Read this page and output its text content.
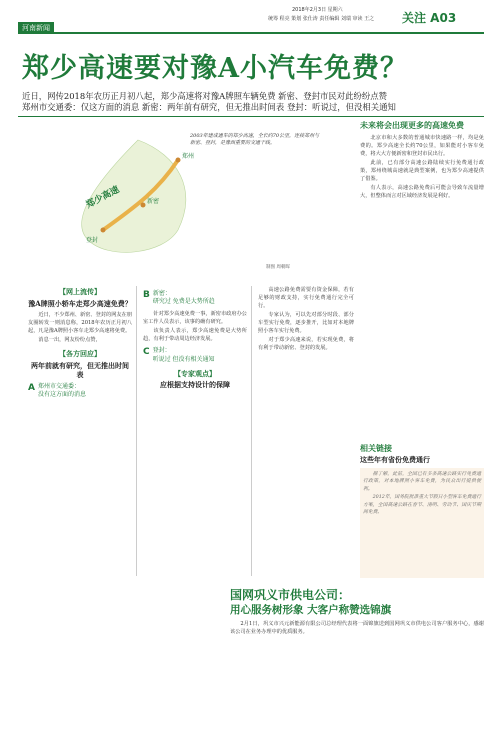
河南新闻
2018年2月3日 星期六
统筹 程亮 策划 张仕涛 责任编辑 刘瑞 审读 王之 关注 A03
郑少高速要对豫A小汽车免费？
近日，网传2018年农历正月初八起，郑少高速将对豫A牌照车辆免费 新密、登封市民对此纷纷点赞
郑州市交通委：仅这方面的消息 新密：两年前有研究，但无推出时间表 登封：听说过，但没相关通知
近日，网传2018年农历正月初八起，郑少高速将对豫A牌照小客车免费，恢复原价。
郑州
新密
登封
郑少高速
2003年建成通车的郑少高速，全长约70公里，连接郑州与新密、登封，是豫西重要的交通干线。
制图 周朝晖
未来将会出现更多的高速免费

北京市和大多数的普通城市快速路一样，均是免费的。郑少高速全长约70公里，如果能对小客车免费，将大大方便新密和登封市民出行。

此前，已有部分高速公路陆续实行免费通行政策，郑州绕城高速就是典型案例，也为郑少高速提供了借鉴。

有人表示，高速公路免费后可能会导致车流量增大，但整体而言对区域经济发展是利好。

相关链接
这些年有省份免费通行

据了解，此前，全国已有多条高速公路实行免费通行政策，对本地牌照小客车免费，为民众出行提供便利。

2012年，国务院批准重大节假日小型客车免费通行方案，全国高速公路在春节、清明、劳动节、国庆节期间免费。

【网上流传】
豫A牌照小轿车走郑少高速免费？

近日，不少郑州、新密、登封的网友在朋友圈转发一则消息称，2018年农历正月初八起，凡是豫A牌照小客车走郑少高速将免费。

消息一出，网友纷纷点赞，

【各方回应】
两年前就有研究，但无推出时间表
A 郑州市交通委：
没有这方面的消息
B 新密：
研究过 免费是大势所趋

针对郑少高速免费一事，新密市政府办公室工作人员表示，该事的确有研究。

该负责人表示，郑少高速免费是大势所趋，有利于带动周边经济发展。

C 登封：
听说过 但没有相关通知
【专家观点】
应根据支持设计的保障

高速公路免费需要有资金保障，若有足够的财政支持，实行免费通行完全可行。

专家认为，可以先对部分时段、部分车型实行免费，逐步推开，比如对本地牌照小客车实行免费。

对于郑少高速来说，若实现免费，将有利于带动新密、登封的发展。

国网巩义市供电公司：
用心服务树形象 大客户称赞选锦旗

2月1日，巩义市兴元新能源有限公司总经理代表将一面锦旗送到国网巩义市供电公司客户服务中心，感谢该公司在业务办理中的优质服务。
